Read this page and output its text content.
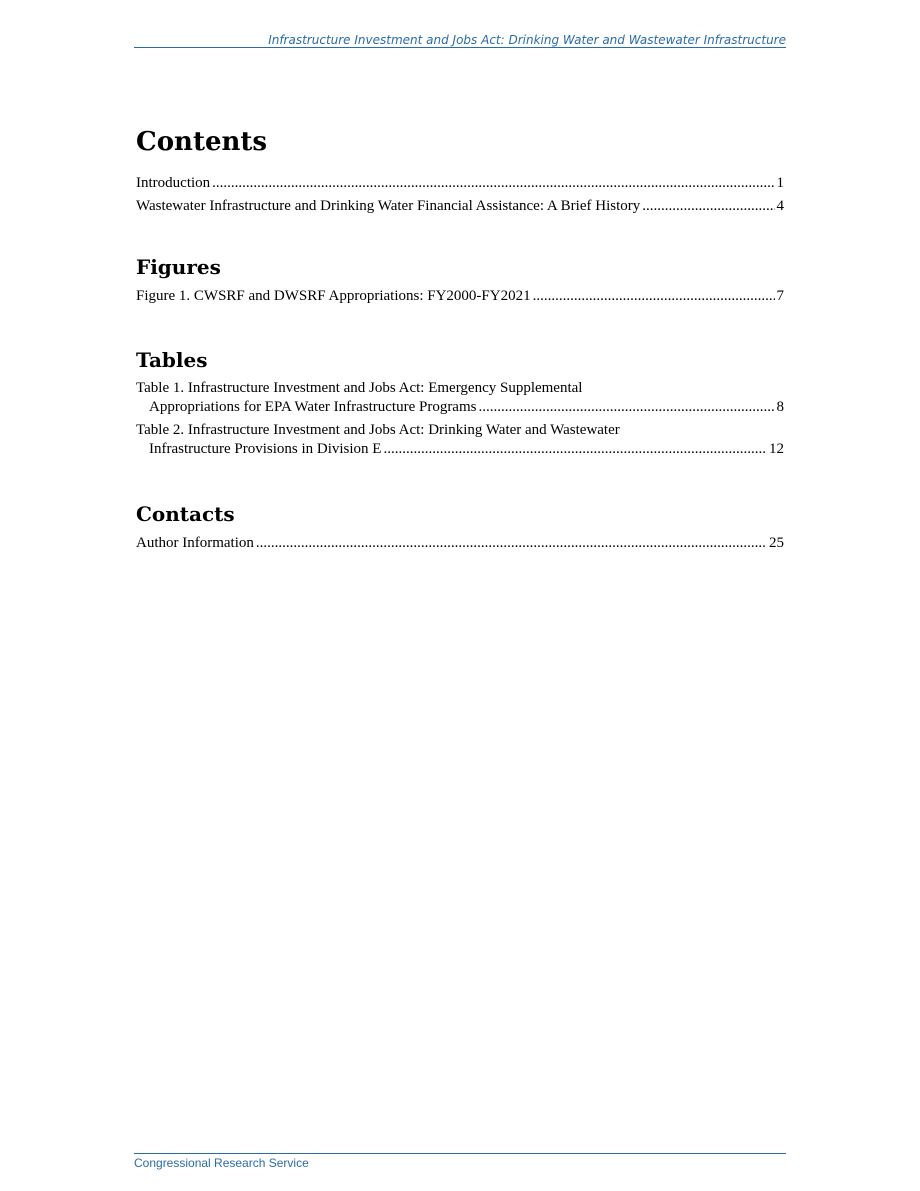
Infrastructure Investment and Jobs Act: Drinking Water and Wastewater Infrastructure
Contents
Introduction .....	1
Wastewater Infrastructure and Drinking Water Financial Assistance: A Brief History .....	4
Figures
Figure 1. CWSRF and DWSRF Appropriations: FY2000-FY2021 .....	7
Tables
Table 1. Infrastructure Investment and Jobs Act: Emergency Supplemental
Appropriations for EPA Water Infrastructure Programs .....	8
Table 2. Infrastructure Investment and Jobs Act: Drinking Water and Wastewater
Infrastructure Provisions in Division E .....	12
Contacts
Author Information .....	25
Congressional Research Service
